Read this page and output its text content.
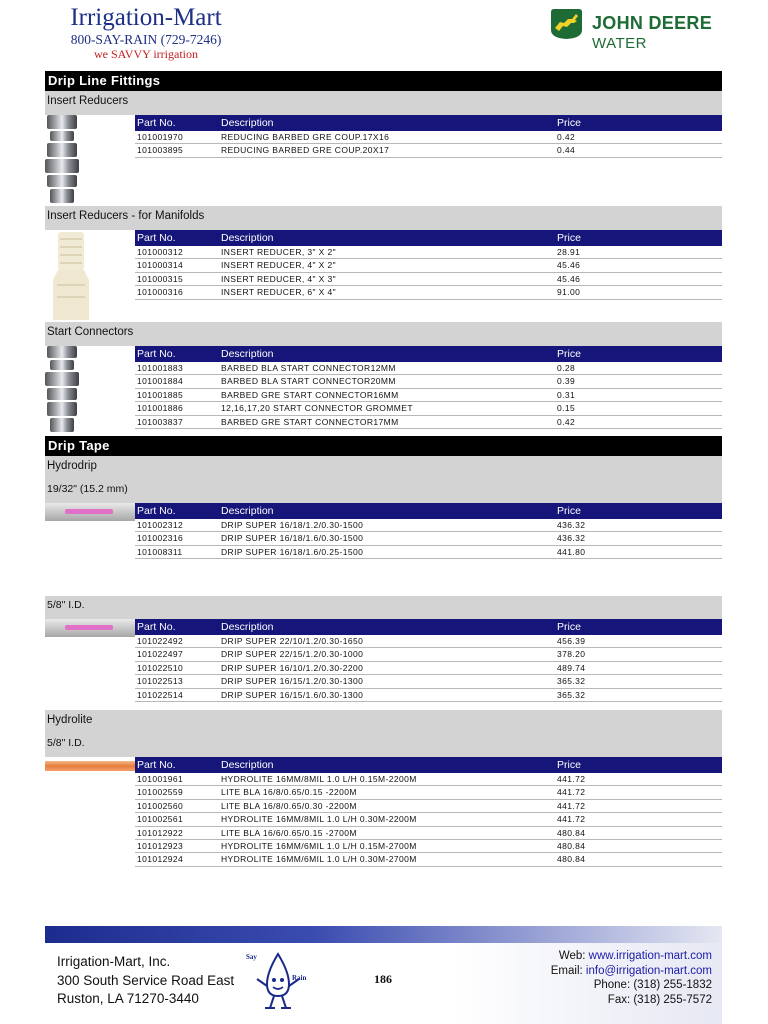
Irrigation-Mart
800-SAY-RAIN (729-7246)
we SAVVY irrigation
JOHN DEERE
WATER
Drip Line Fittings
Insert Reducers
Part No.	Description	Price
101001970	REDUCING BARBED GRE COUP.17X16	0.42
101003895	REDUCING BARBED GRE COUP.20X17	0.44
Insert Reducers - for Manifolds
Part No.	Description	Price
101000312	INSERT REDUCER, 3" X 2"	28.91
101000314	INSERT REDUCER, 4" X 2"	45.46
101000315	INSERT REDUCER, 4" X 3"	45.46
101000316	INSERT REDUCER, 6" X 4"	91.00
Start Connectors
Part No.	Description	Price
101001883	BARBED BLA START CONNECTOR12MM	0.28
101001884	BARBED BLA START CONNECTOR20MM	0.39
101001885	BARBED GRE START CONNECTOR16MM	0.31
101001886	12,16,17,20 START CONNECTOR GROMMET	0.15
101003837	BARBED GRE START CONNECTOR17MM	0.42
Drip Tape
Hydrodrip
19/32" (15.2 mm)
Part No.	Description	Price
101002312	DRIP SUPER 16/18/1.2/0.30-1500	436.32
101002316	DRIP SUPER 16/18/1.6/0.30-1500	436.32
101008311	DRIP SUPER 16/18/1.6/0.25-1500	441.80
5/8" I.D.
Part No.	Description	Price
101022492	DRIP SUPER 22/10/1.2/0.30-1650	456.39
101022497	DRIP SUPER 22/15/1.2/0.30-1000	378.20
101022510	DRIP SUPER 16/10/1.2/0.30-2200	489.74
101022513	DRIP SUPER 16/15/1.2/0.30-1300	365.32
101022514	DRIP SUPER 16/15/1.6/0.30-1300	365.32
Hydrolite
5/8" I.D.
Part No.	Description	Price
101001961	HYDROLITE 16MM/8MIL 1.0 L/H 0.15M-2200M	441.72
101002559	LITE BLA 16/8/0.65/0.15 -2200M	441.72
101002560	LITE BLA 16/8/0.65/0.30 -2200M	441.72
101002561	HYDROLITE 16MM/8MIL 1.0 L/H 0.30M-2200M	441.72
101012922	LITE BLA 16/6/0.65/0.15 -2700M	480.84
101012923	HYDROLITE 16MM/6MIL 1.0 L/H 0.15M-2700M	480.84
101012924	HYDROLITE 16MM/6MIL 1.0 L/H 0.30M-2700M	480.84
Irrigation-Mart, Inc.
300 South Service Road East
Ruston, LA 71270-3440
Say
Rain	186
Web: www.irrigation-mart.com
Email: info@irrigation-mart.com
Phone: (318) 255-1832
Fax: (318) 255-7572
